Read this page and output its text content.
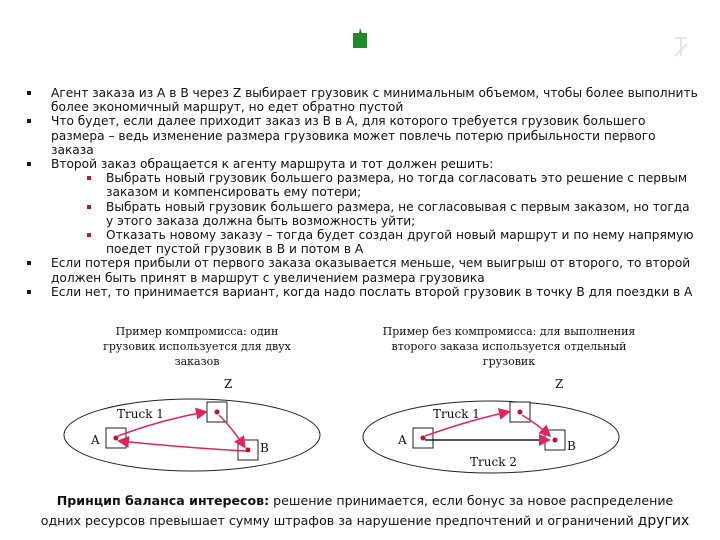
Агент заказа из А в В через Z выбирает грузовик с минимальным объемом, чтобы более выполнить более экономичный маршрут, но едет обратно пустой

Что будет, если далее приходит заказ из В в А, для которого требуется грузовик большего размера – ведь изменение размера грузовика может повлечь потерю прибыльности первого заказа

Второй заказ обращается к агенту маршрута и тот должен решить:

Выбрать новый грузовик большего размера, но тогда согласовать это решение с первым заказом и компенсировать ему потери;

Выбрать новый грузовик большего размера, не согласовывая с первым заказом, но тогда у этого заказа должна быть возможность уйти;

Отказать новому заказу – тогда будет создан другой новый маршрут и по нему напрямую поедет пустой грузовик в В и потом в А

Если потеря прибыли от первого заказа оказывается меньше, чем выигрыш от второго, то второй должен быть принят в маршрут с увеличением размера грузовика

Если нет, то принимается вариант, когда надо послать второй грузовик в точку В для поездки в А

Пример компромисса: один грузовик используется для двух заказов
Пример без компромисса: для выполнения второго заказа используется отдельный грузовик
Z
Truck 1
A
B
Z
Truck 1
A	B
Truck 2
Принцип баланса интересов: решение принимается, если бонус за новое распределение одних ресурсов превышает сумму штрафов за нарушение предпочтений и ограничений других
